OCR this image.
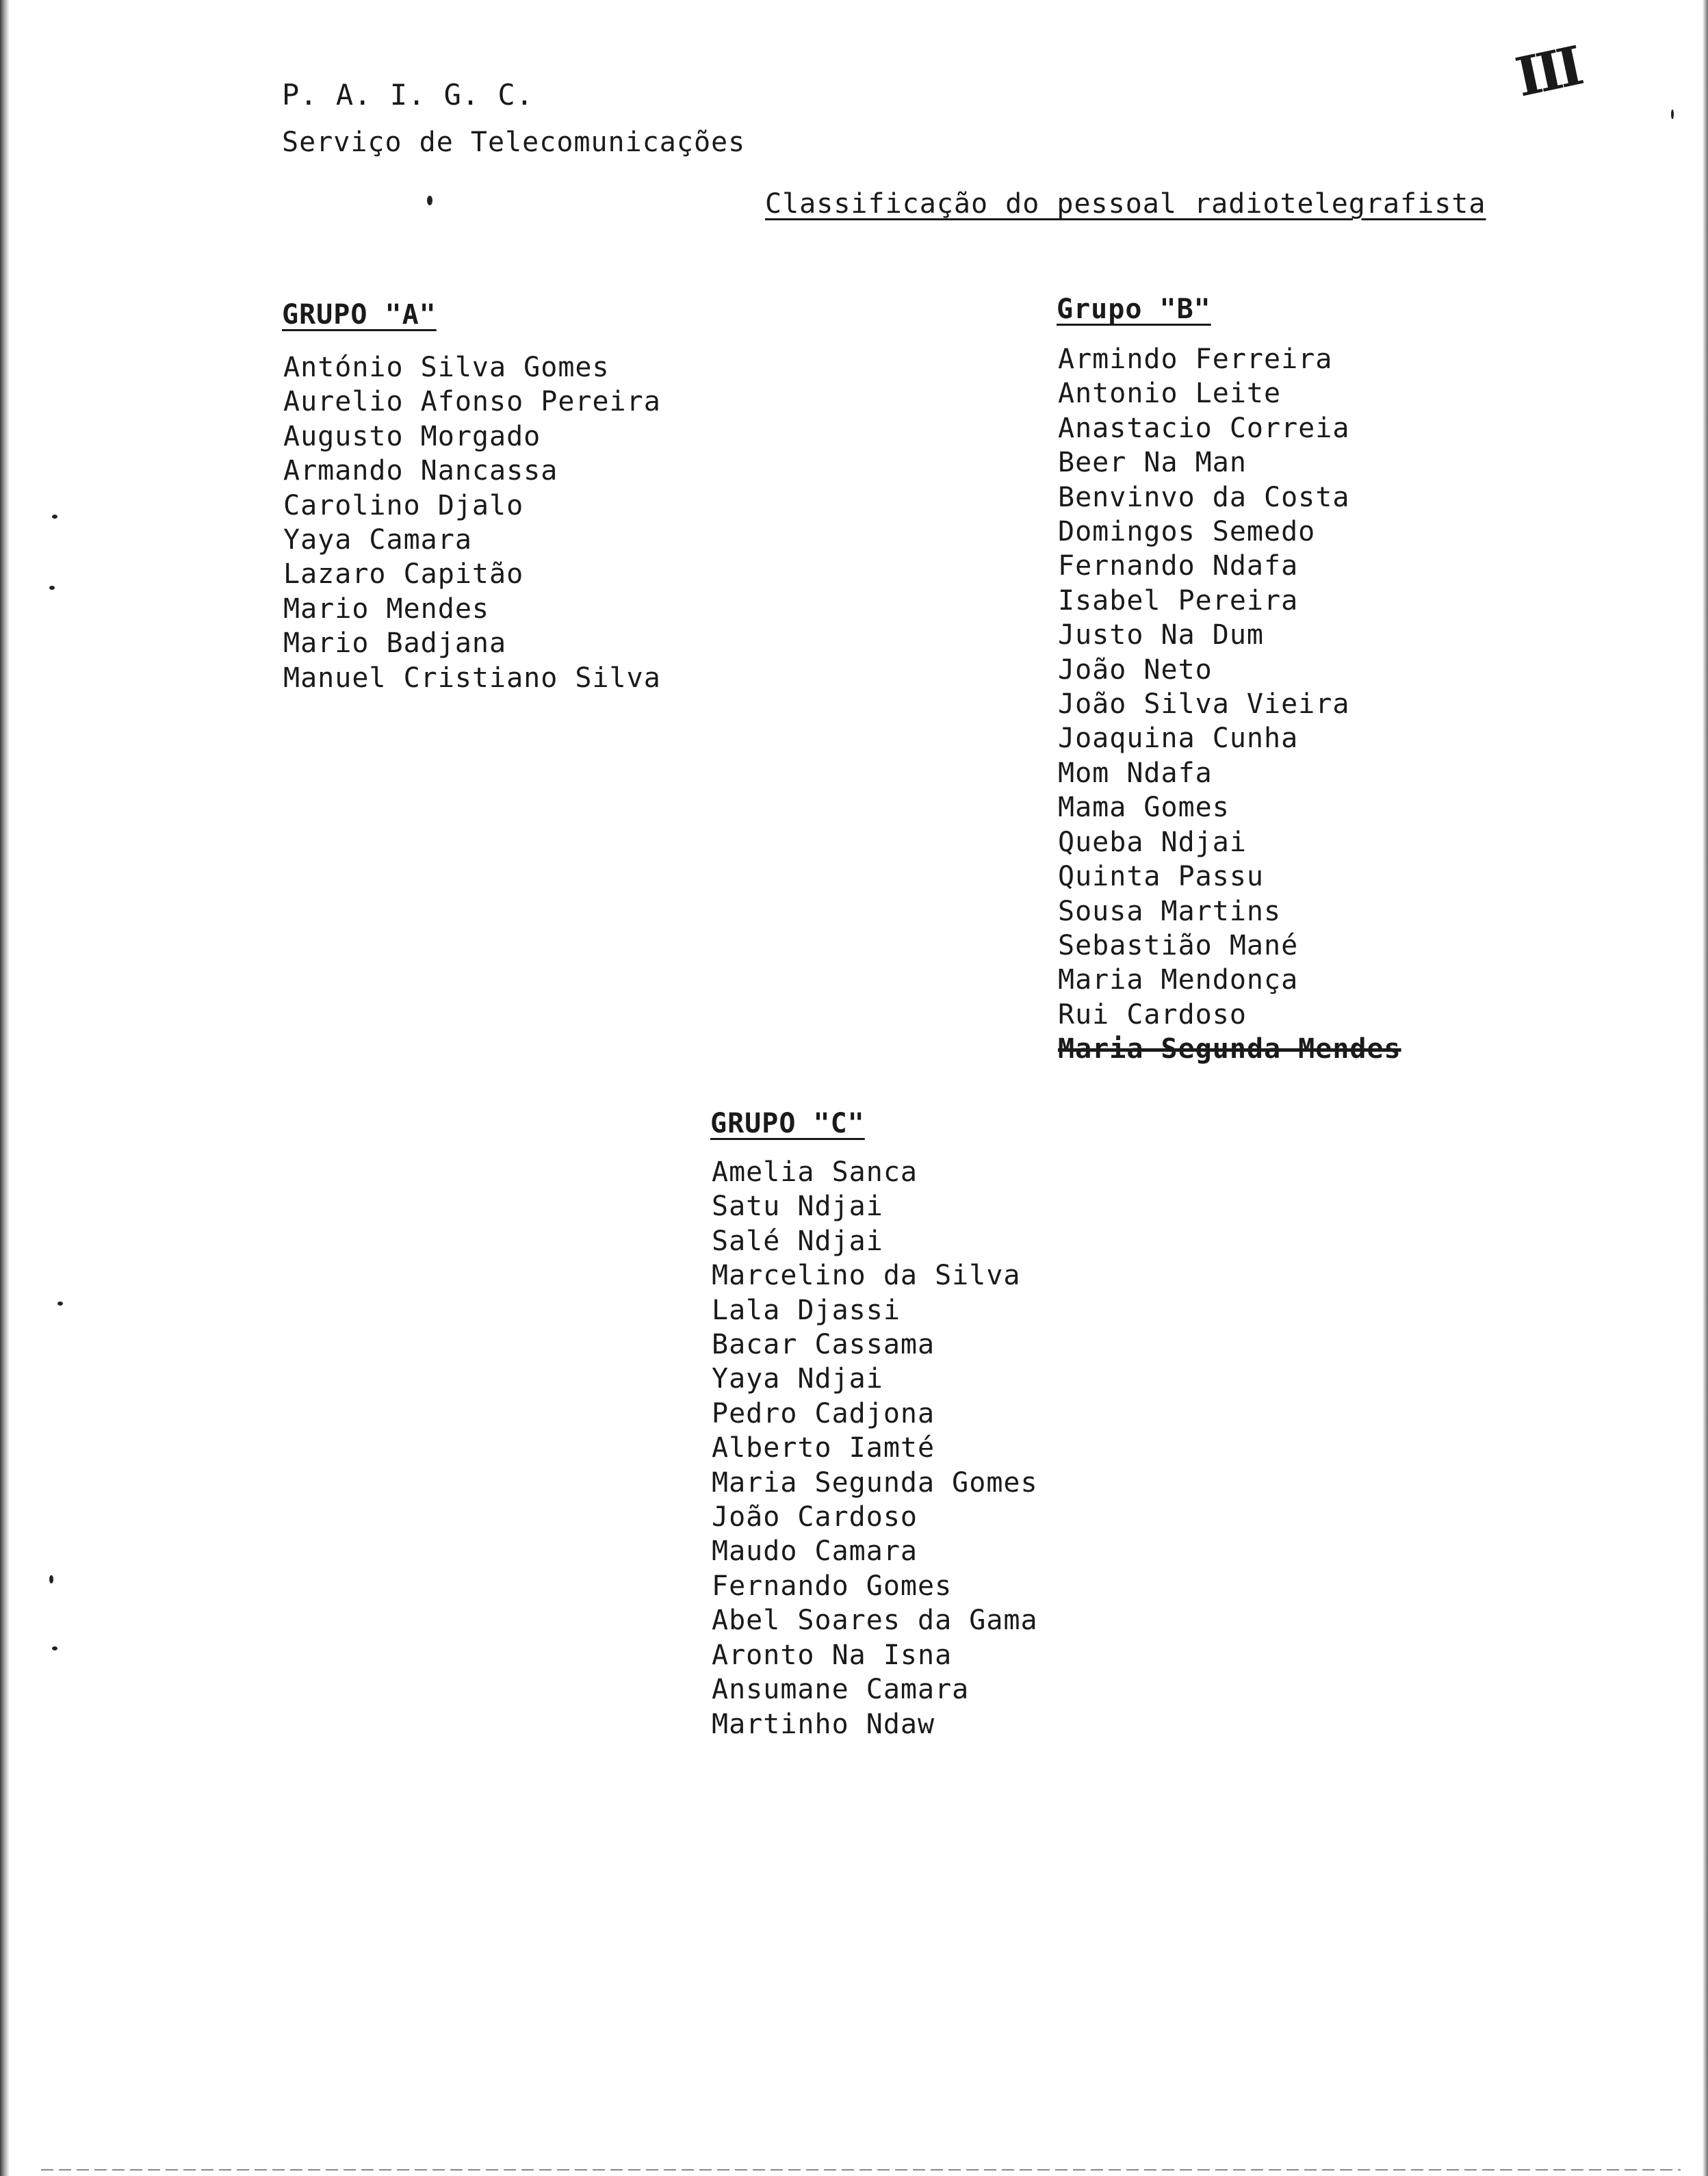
P. A. I. G. C.
Serviço de Telecomunicações
Classificação do pessoal radiotelegrafista
III
GRUPO "A"
António Silva Gomes
Aurelio Afonso Pereira
Augusto Morgado
Armando Nancassa
Carolino Djalo
Yaya Camara
Lazaro Capitão
Mario Mendes
Mario Badjana
Manuel Cristiano Silva
Grupo "B"
Armindo Ferreira
Antonio Leite
Anastacio Correia
Beer Na Man
Benvinvo da Costa
Domingos Semedo
Fernando Ndafa
Isabel Pereira
Justo Na Dum
João Neto
João Silva Vieira
Joaquina Cunha
Mom Ndafa
Mama Gomes
Queba Ndjai
Quinta Passu
Sousa Martins
Sebastião Mané
Maria Mendonça
Rui Cardoso
Maria Segunda Mendes
GRUPO "C"
Amelia Sanca
Satu Ndjai
Salé Ndjai
Marcelino da Silva
Lala Djassi
Bacar Cassama
Yaya Ndjai
Pedro Cadjona
Alberto Iamté
Maria Segunda Gomes
João Cardoso
Maudo Camara
Fernando Gomes
Abel Soares da Gama
Aronto Na Isna
Ansumane Camara
Martinho Ndaw
